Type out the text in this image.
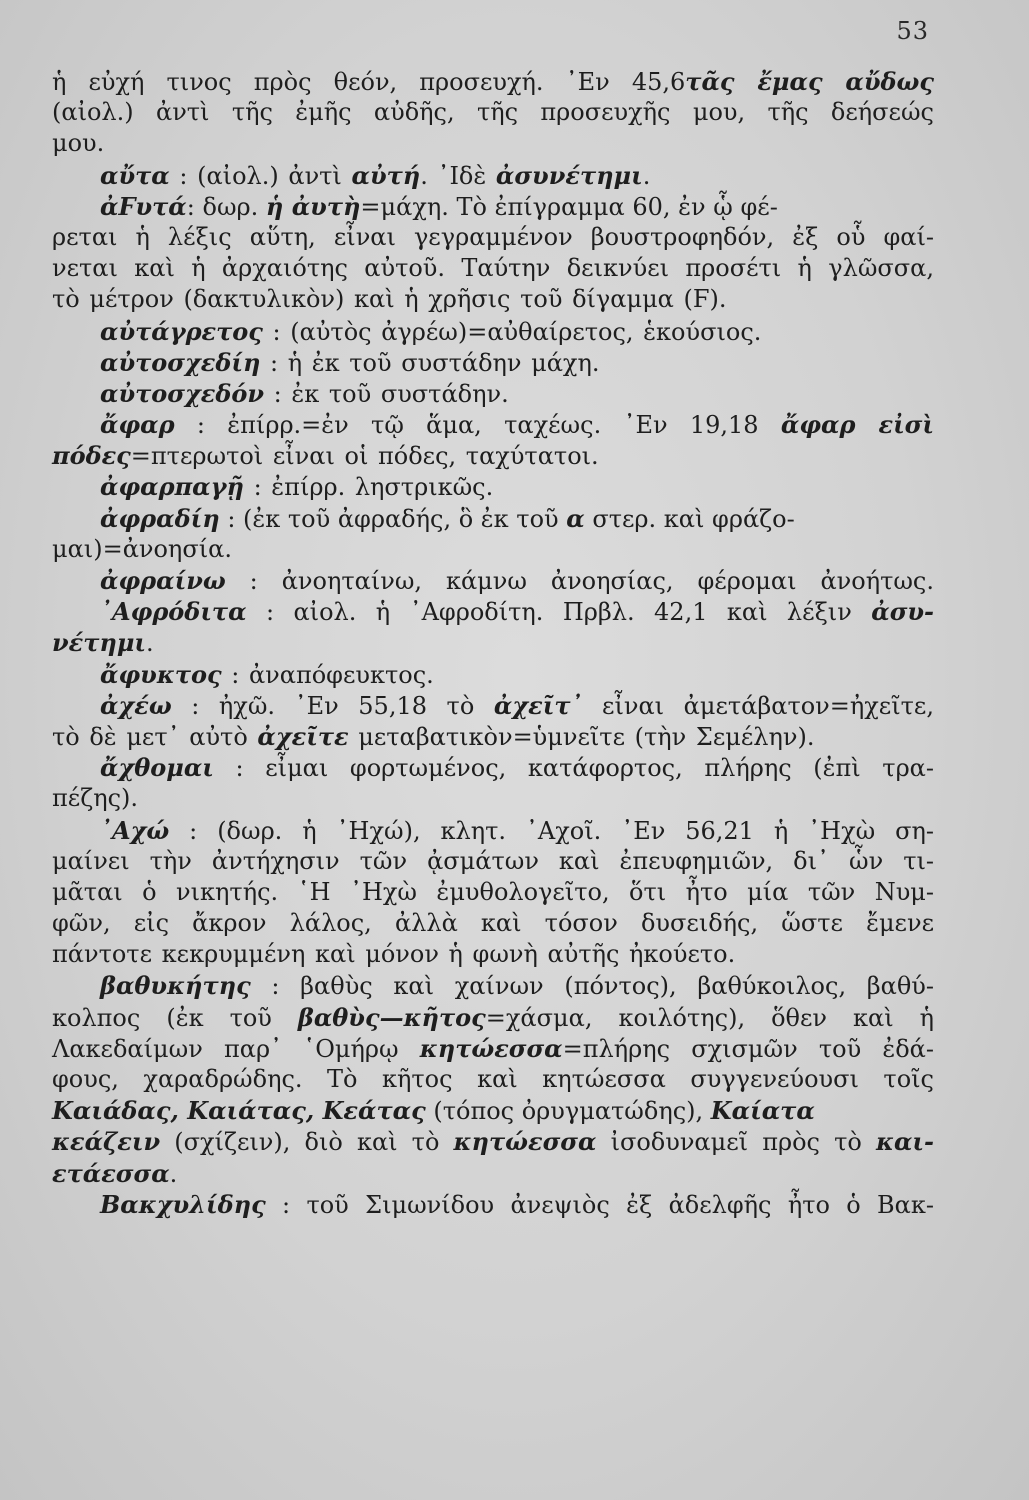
53
ἡ εὐχή τινος πρὸς θεόν, προσευχή. ᾿Εν 45,6τᾶς ἔμας αὔδως
(αἰολ.) ἀντὶ τῆς ἐμῆς αὐδῆς, τῆς προσευχῆς μου, τῆς δεήσεώς
μου.
αὔτα : (αἰολ.) ἀντὶ αὐτή. ᾿Ιδὲ ἀσυνέτημι.
ἀϜυτά: δωρ. ἡ ἀυτὴ=μάχη. Τὸ ἐπίγραμμα 60, ἐν ᾧ φέ-
ρεται ἡ λέξις αὕτη, εἶναι γεγραμμένον βουστροφηδόν, ἐξ οὗ φαί-
νεται καὶ ἡ ἀρχαιότης αὐτοῦ. Ταύτην δεικνύει προσέτι ἡ γλῶσσα,
τὸ μέτρον (δακτυλικὸν) καὶ ἡ χρῆσις τοῦ δίγαμμα (Ϝ).
αὐτάγρετος : (αὐτὸς ἀγρέω)=αὐθαίρετος, ἑκούσιος.
αὐτοσχεδίη : ἡ ἐκ τοῦ συστάδην μάχη.
αὐτοσχεδόν : ἐκ τοῦ συστάδην.
ἄφαρ : ἐπίρρ.=ἐν τῷ ἅμα, ταχέως. ᾿Εν 19,18 ἄφαρ εἰσὶ
πόδες=πτερωτοὶ εἶναι οἱ πόδες, ταχύτατοι.
ἀφαρπαγῇ : ἐπίρρ. ληστρικῶς.
ἀφραδίη : (ἐκ τοῦ ἀφραδής, ὃ ἐκ τοῦ α στερ. καὶ φράζο-
μαι)=ἀνοησία.
ἀφραίνω : ἀνοηταίνω, κάμνω ἀνοησίας, φέρομαι ἀνοήτως.
᾿Αφρόδιτα : αἰολ. ἡ ᾿Αφροδίτη. Πρβλ. 42,1 καὶ λέξιν ἀσυ-
νέτημι.
ἄφυκτος : ἀναπόφευκτος.
ἀχέω : ἠχῶ. ᾿Εν 55,18 τὸ ἀχεῖτ᾿ εἶναι ἀμετάβατον=ἠχεῖτε,
τὸ δὲ μετ᾿ αὐτὸ ἀχεῖτε μεταβατικὸν=ὑμνεῖτε (τὴν Σεμέλην).
ἄχθομαι : εἶμαι φορτωμένος, κατάφορτος, πλήρης (ἐπὶ τρα-
πέζης).
᾿Αχώ : (δωρ. ἡ ᾿Ηχώ), κλητ. ᾿Αχοῖ. ᾿Εν 56,21 ἡ ᾿Ηχὼ ση-
μαίνει τὴν ἀντήχησιν τῶν ᾀσμάτων καὶ ἐπευφημιῶν, δι᾿ ὧν τι-
μᾶται ὁ νικητής. ῾Η ᾿Ηχὼ ἐμυθολογεῖτο, ὅτι ἦτο μία τῶν Νυμ-
φῶν, εἰς ἄκρον λάλος, ἀλλὰ καὶ τόσον δυσειδής, ὥστε ἔμενε
πάντοτε κεκρυμμένη καὶ μόνον ἡ φωνὴ αὐτῆς ἠκούετο.
βαθυκήτης : βαθὺς καὶ χαίνων (πόντος), βαθύκοιλος, βαθύ-
κολπος (ἐκ τοῦ βαθὺς—κῆτος=χάσμα, κοιλότης), ὅθεν καὶ ἡ
Λακεδαίμων παρ᾿ ῾Ομήρῳ κητώεσσα=πλήρης σχισμῶν τοῦ ἐδά-
φους, χαραδρώδης. Τὸ κῆτος καὶ κητώεσσα συγγενεύουσι τοῖς
Καιάδας, Καιάτας, Κεάτας (τόπος ὀρυγματώδης), Καίατα
κεάζειν (σχίζειν), διὸ καὶ τὸ κητώεσσα ἰσοδυναμεῖ πρὸς τὸ και-
ετάεσσα.
Βακχυλίδης : τοῦ Σιμωνίδου ἀνεψιὸς ἐξ ἀδελφῆς ἦτο ὁ Βακ-
